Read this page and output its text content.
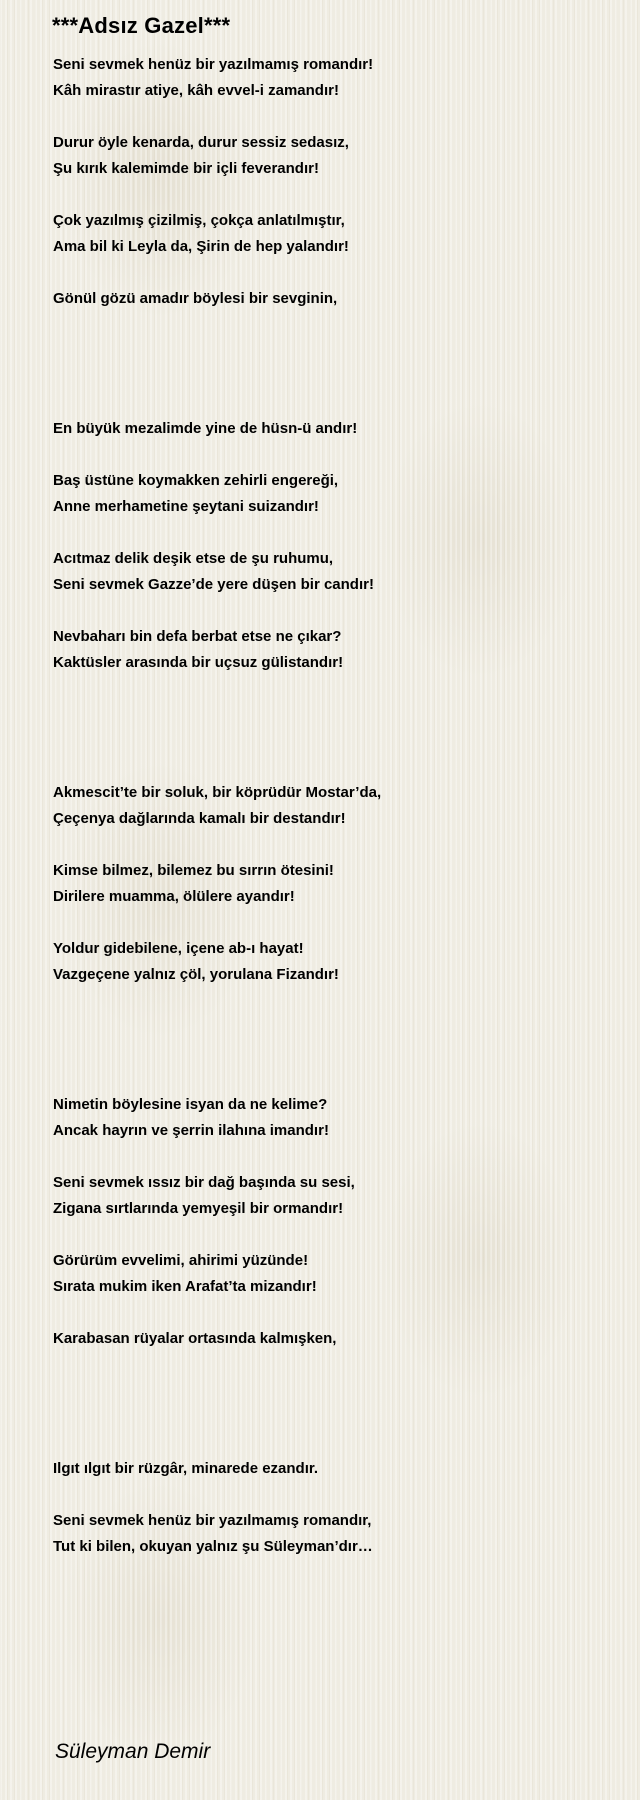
***Adsız Gazel***
Seni sevmek henüz bir yazılmamış romandır!
Kâh mirastır atiye, kâh evvel-i zamandır!
Durur öyle kenarda, durur sessiz sedasız,
Şu kırık kalemimde bir içli feverandır!
Çok yazılmış çizilmiş, çokça anlatılmıştır,
Ama bil ki Leyla da, Şirin de hep yalandır!
Gönül gözü amadır böylesi bir sevginin,
En büyük mezalimde yine de hüsn-ü andır!
Baş üstüne koymakken zehirli engereği,
Anne merhametine şeytani suizandır!
Acıtmaz delik deşik etse de şu ruhumu,
Seni sevmek Gazze’de yere düşen bir candır!
Nevbaharı bin defa berbat etse ne çıkar?
Kaktüsler arasında bir uçsuz gülistandır!
Akmescit’te bir soluk, bir köprüdür Mostar’da,
Çeçenya dağlarında kamalı bir destandır!
Kimse bilmez, bilemez bu sırrın ötesini!
Dirilere muamma, ölülere ayandır!
Yoldur gidebilene, içene ab-ı hayat!
Vazgeçene yalnız çöl, yorulana Fizandır!
Nimetin böylesine isyan da ne kelime?
Ancak hayrın ve şerrin ilahına imandır!
Seni sevmek ıssız bir dağ başında su sesi,
Zigana sırtlarında yemyeşil bir ormandır!
Görürüm evvelimi, ahirimi yüzünde!
Sırata mukim iken Arafat’ta mizandır!
Karabasan rüyalar ortasında kalmışken,
Ilgıt ılgıt bir rüzgâr, minarede ezandır.
Seni sevmek henüz bir yazılmamış romandır,
Tut ki bilen, okuyan yalnız şu Süleyman’dır…
Süleyman Demir
